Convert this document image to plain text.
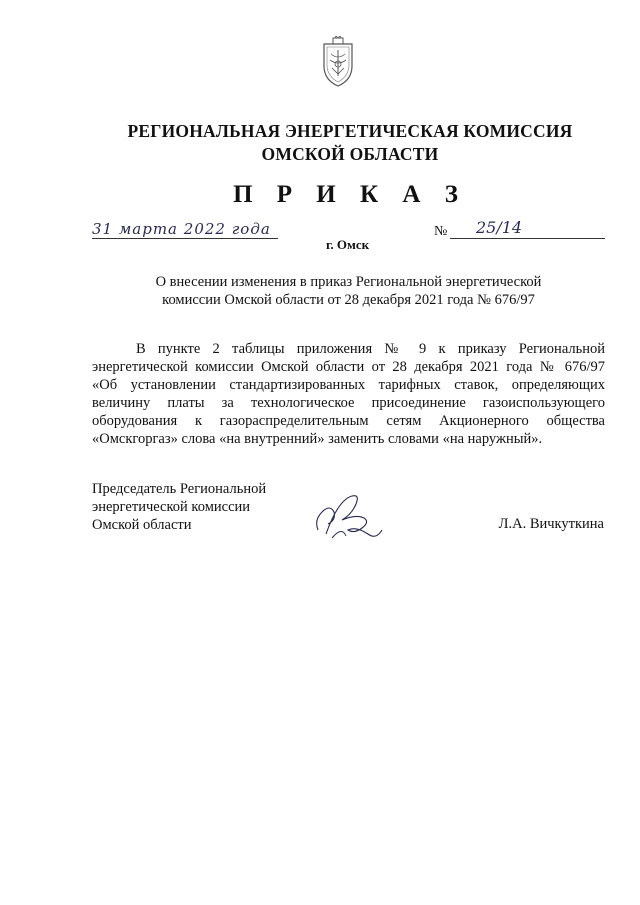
РЕГИОНАЛЬНАЯ ЭНЕРГЕТИЧЕСКАЯ КОМИССИЯ
ОМСКОЙ ОБЛАСТИ
П Р И К А З
31 марта 2022 года
г. Омск
№ 25/14
О внесении изменения в приказ Региональной энергетической
комиссии Омской области от 28 декабря 2021 года № 676/97
В пункте 2 таблицы приложения № 9 к приказу Региональной
энергетической комиссии Омской области от 28 декабря 2021 года № 676/97
«Об установлении стандартизированных тарифных ставок, определяющих
величину платы за технологическое присоединение газоиспользующего
оборудования к газораспределительным сетям Акционерного общества
«Омскгоргаз» слова «на внутренний» заменить словами «на наружный».
Председатель Региональной
энергетической комиссии
Омской области	Л.А. Вичкуткина
